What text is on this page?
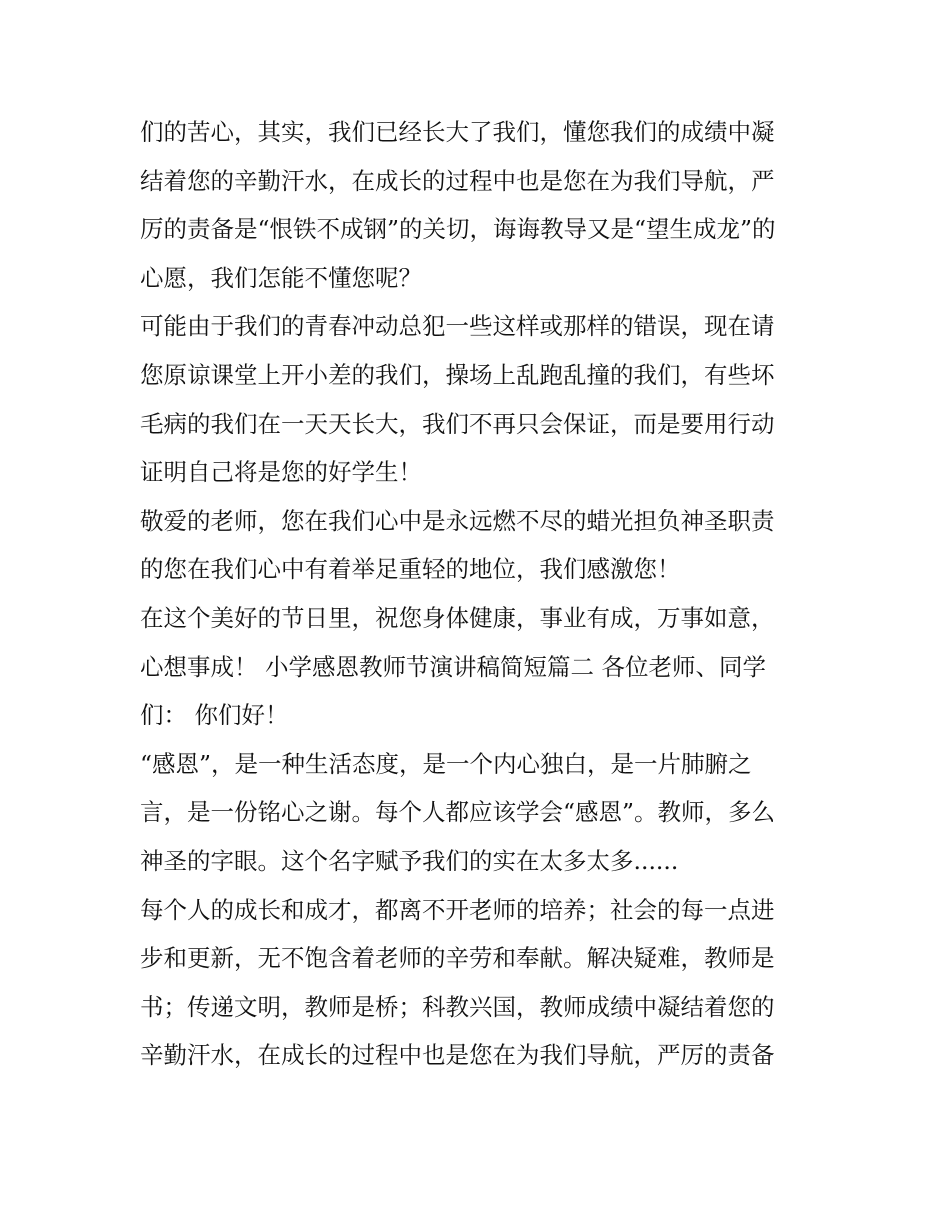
们的苦心，其实，我们已经长大了我们，懂您我们的成绩中凝
结着您的辛勤汗水，在成长的过程中也是您在为我们导航，严
厉的责备是“恨铁不成钢”的关切，诲诲教导又是“望生成龙”的
心愿，我们怎能不懂您呢？
可能由于我们的青春冲动总犯一些这样或那样的错误，现在请
您原谅课堂上开小差的我们，操场上乱跑乱撞的我们，有些坏
毛病的我们在一天天长大，我们不再只会保证，而是要用行动
证明自己将是您的好学生！
敬爱的老师，您在我们心中是永远燃不尽的蜡光担负神圣职责
的您在我们心中有着举足重轻的地位，我们感激您！
在这个美好的节日里，祝您身体健康，事业有成，万事如意，
心想事成！ 小学感恩教师节演讲稿简短篇二 各位老师、同学
们： 你们好！
“感恩”，是一种生活态度，是一个内心独白，是一片肺腑之
言，是一份铭心之谢。每个人都应该学会“感恩”。教师，多么
神圣的字眼。这个名字赋予我们的实在太多太多......
每个人的成长和成才，都离不开老师的培养；社会的每一点进
步和更新，无不饱含着老师的辛劳和奉献。解决疑难，教师是
书；传递文明，教师是桥；科教兴国，教师成绩中凝结着您的
辛勤汗水，在成长的过程中也是您在为我们导航，严厉的责备
